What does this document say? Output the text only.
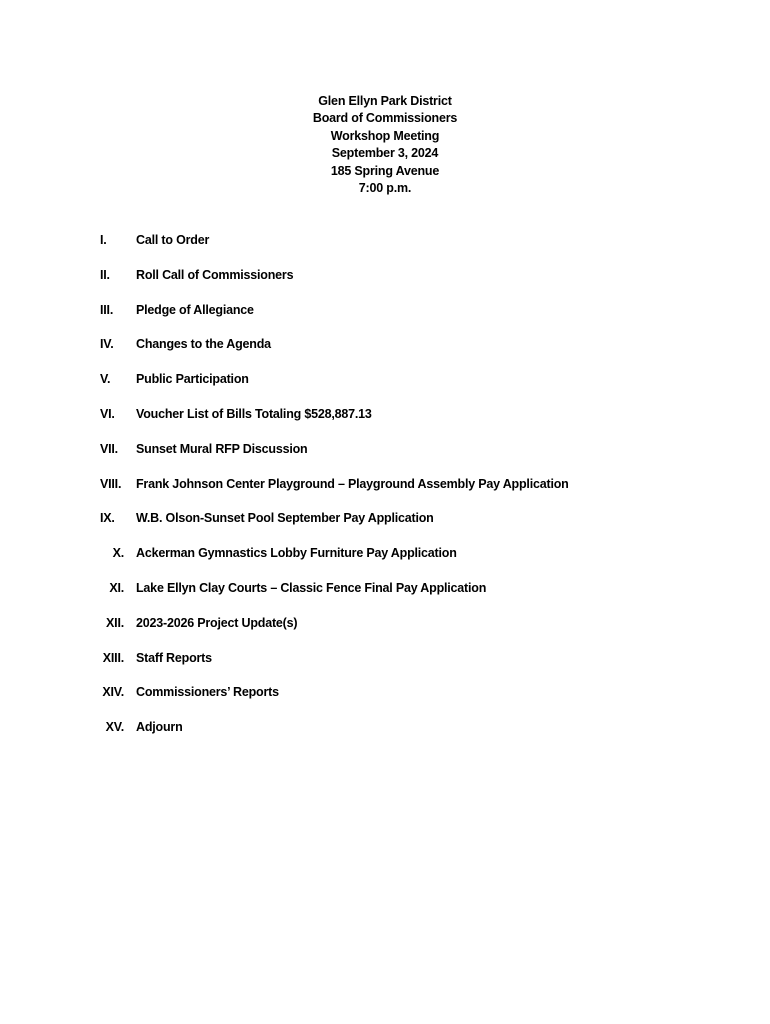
Glen Ellyn Park District
Board of Commissioners
Workshop Meeting
September 3, 2024
185 Spring Avenue
7:00 p.m.
I. Call to Order
II. Roll Call of Commissioners
III. Pledge of Allegiance
IV. Changes to the Agenda
V. Public Participation
VI. Voucher List of Bills Totaling $528,887.13
VII. Sunset Mural RFP Discussion
VIII. Frank Johnson Center Playground – Playground Assembly Pay Application
IX. W.B. Olson-Sunset Pool September Pay Application
X. Ackerman Gymnastics Lobby Furniture Pay Application
XI. Lake Ellyn Clay Courts – Classic Fence Final Pay Application
XII. 2023-2026 Project Update(s)
XIII. Staff Reports
XIV. Commissioners’ Reports
XV. Adjourn
